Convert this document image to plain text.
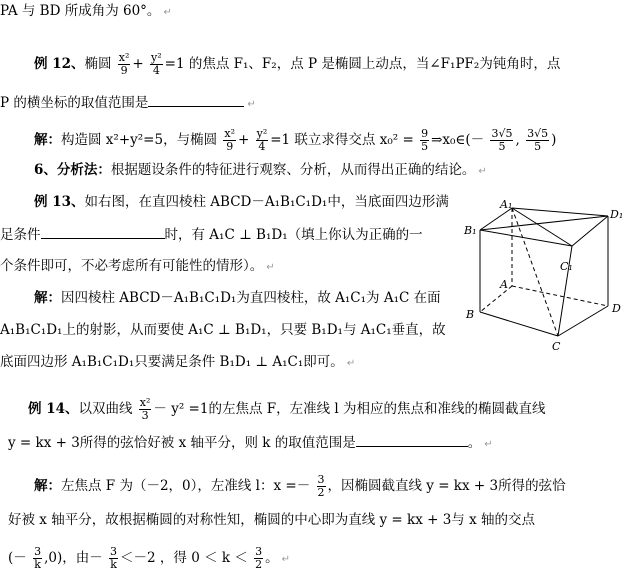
PA 与 BD 所成角为 60°。 ↵
例 12、椭圆 $\frac{\text{x²}}{9} + \frac{\text{y²}}{4} =1$ 的焦点 F₁、F₂，点 P 是椭圆上动点，当∠F₁PF₂为钝角时，点
P 的横坐标的取值范围是	↵
解：构造圆 x²+y²=5，与椭圆 $\frac{\text{x²}}{9} + \frac{\text{y²}}{4} =1$ 联立求得交点 $x_0^2 = \frac{9}{5}$ ⇒x₀∈(－ $\frac{3√5}{5}$ , $\frac{3√5}{5}$ )
6、分析法：根据题设条件的特征进行观察、分析，从而得出正确的结论。 ↵
例 13、如右图，在直四棱柱 ABCD－A₁B₁C₁D₁中，当底面四边形满
足条件	时，有 A₁C ⊥ B₁D₁（填上你认为正确的一
个条件即可，不必考虑所有可能性的情形）。 ↵
解：因四棱柱 ABCD－A₁B₁C₁D₁为直四棱柱，故 A₁C₁为 A₁C 在面
A₁B₁C₁D₁上的射影，从而要使 A₁C ⊥ B₁D₁，只要 B₁D₁与 A₁C₁垂直，故
底面四边形 A₁B₁C₁D₁只要满足条件 B₁D₁ ⊥ A₁C₁即可。 ↵
A₁
B₁
C₁
D₁
A
B
C
D
例 14、以双曲线 $\frac{\text{x²}}{3} - y^2 =1$的左焦点 F，左准线 l 为相应的焦点和准线的椭圆截直线
y = kx + 3所得的弦恰好被 x 轴平分，则 k 的取值范围是	。 ↵
解：左焦点 F 为（－2，0），左准线 l：$x =- \frac{3}{2}$ ，因椭圆截直线 y = kx + 3所得的弦恰
好被 x 轴平分，故根据椭圆的对称性知，椭圆的中心即为直线 y = kx + 3与 x 轴的交点
(－ $\frac{3}{k} ,0$)，由－ $\frac{3}{k} <-2$ ，得 $0 < k < \frac{3}{2}$ 。 ↵
